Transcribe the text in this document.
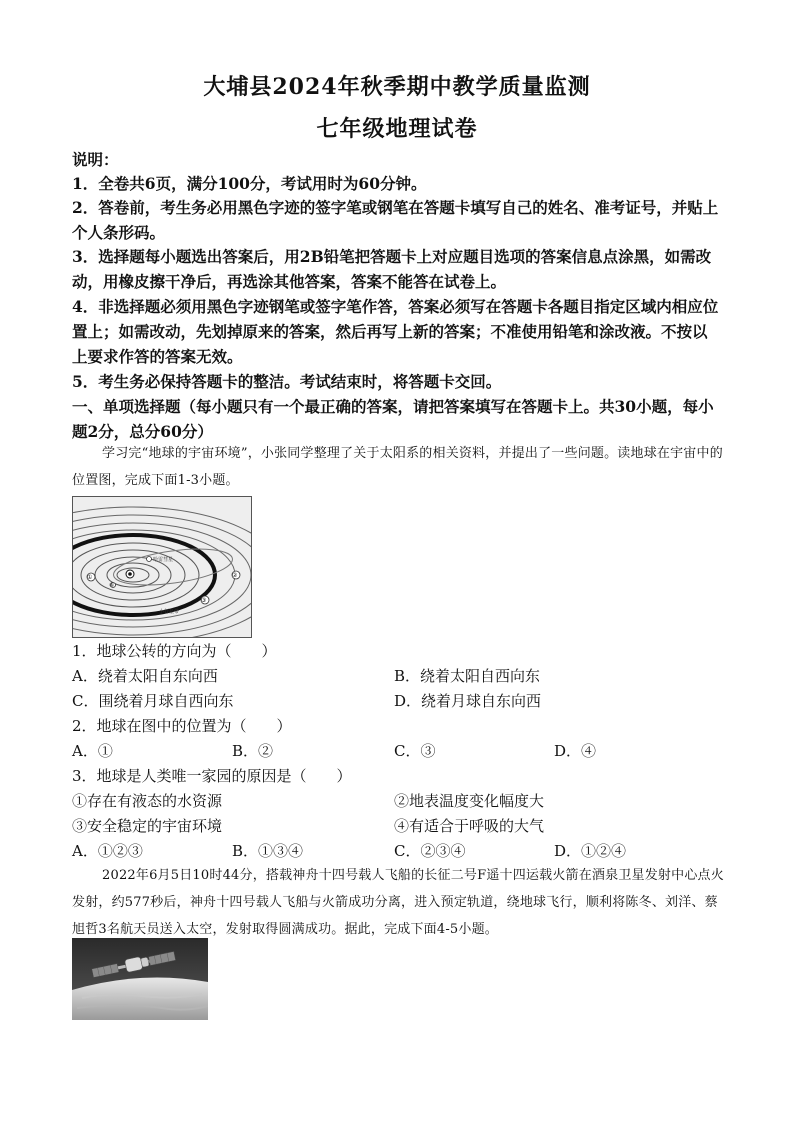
大埔县2024年秋季期中教学质量监测
七年级地理试卷
说明：
1．全卷共6页，满分100分，考试用时为60分钟。
2．答卷前，考生务必用黑色字迹的签字笔或钢笔在答题卡填写自己的姓名、准考证号，并贴上个人条形码。
3．选择题每小题选出答案后，用2B铅笔把答题卡上对应题目选项的答案信息点涂黑，如需改动，用橡皮擦干净后，再选涂其他答案，答案不能答在试卷上。
4．非选择题必须用黑色字迹钢笔或签字笔作答，答案必须写在答题卡各题目指定区域内相应位置上；如需改动，先划掉原来的答案，然后再写上新的答案；不准使用铅笔和涂改液。不按以上要求作答的答案无效。
5．考生务必保持答题卡的整洁。考试结束时，将答题卡交回。
一、单项选择题（每小题只有一个最正确的答案，请把答案填写在答题卡上。共30小题，每小题2分，总分60分）
学习完“地球的宇宙环境”，小张同学整理了关于太阳系的相关资料，并提出了一些问题。读地球在宇宙中的位置图，完成下面1-3小题。
哈雷彗星
小行星带
①	②
③
④
1．地球公转的方向为（　　）
A．绕着太阳自东向西	B．绕着太阳自西向东
C．围绕着月球自西向东	D．绕着月球自东向西
2．地球在图中的位置为（　　）
A．①	B．②	C．③	D．④
3．地球是人类唯一家园的原因是（　　）
①存在有液态的水资源	②地表温度变化幅度大
③安全稳定的宇宙环境	④有适合于呼吸的大气
A．①②③	B．①③④	C．②③④	D．①②④
2022年6月5日10时44分，搭载神舟十四号载人飞船的长征二号F遥十四运载火箭在酒泉卫星发射中心点火发射，约577秒后，神舟十四号载人飞船与火箭成功分离，进入预定轨道，绕地球飞行，顺利将陈冬、刘洋、蔡旭哲3名航天员送入太空，发射取得圆满成功。据此，完成下面4-5小题。
